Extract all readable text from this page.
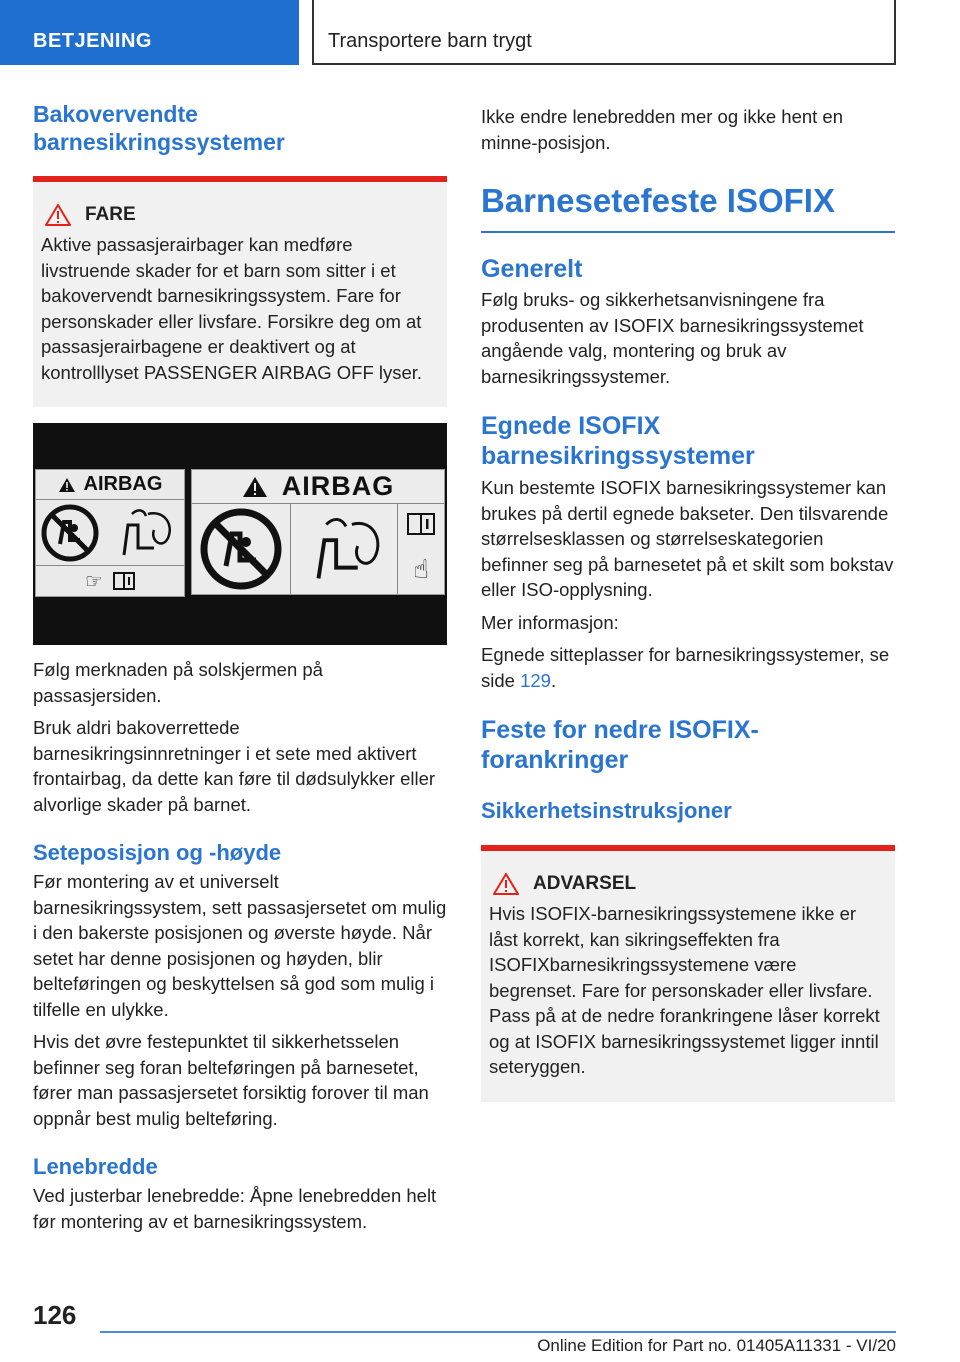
BETJENING	Transportere barn trygt
Bakovervendte barnesikringssystemer
FARE

Aktive passasjerairbager kan medføre livstruende skader for et barn som sitter i et bakovervendt barnesikringssystem. Fare for personskader eller livsfare. Forsikre deg om at passasjerairbagene er deaktivert og at kontrolllyset PASSENGER AIRBAG OFF lyser.

AIRBAG
☞
AIRBAG
☝

Følg merknaden på solskjermen på passasjersiden.

Bruk aldri bakoverrettede barnesikringsinnretninger i et sete med aktivert frontairbag, da dette kan føre til dødsulykker eller alvorlige skader på barnet.

Seteposisjon og -høyde

Før montering av et universelt barnesikringssystem, sett passasjersetet om mulig i den bakerste posisjonen og øverste høyde. Når setet har denne posisjonen og høyden, blir belteføringen og beskyttelsen så god som mulig i tilfelle en ulykke.

Hvis det øvre festepunktet til sikkerhetsselen befinner seg foran belteføringen på barnesetet, fører man passasjersetet forsiktig forover til man oppnår best mulig belteføring.

Lenebredde

Ved justerbar lenebredde: Åpne lenebredden helt før montering av et barnesikringssystem.

Ikke endre lenebredden mer og ikke hent en minne-posisjon.

Barnesetefeste ISOFIX
Generelt

Følg bruks- og sikkerhetsanvisningene fra produsenten av ISOFIX barnesikringssystemet angående valg, montering og bruk av barnesikringssystemer.

Egnede ISOFIX barnesikringssystemer

Kun bestemte ISOFIX barnesikringssystemer kan brukes på dertil egnede bakseter. Den tilsvarende størrelsesklassen og størrelseskategorien befinner seg på barnesetet på et skilt som bokstav eller ISO-opplysning.

Mer informasjon:

Egnede sitteplasser for barnesikringssystemer, se side 129.

Feste for nedre ISOFIX-forankringer
Sikkerhetsinstruksjoner
ADVARSEL

Hvis ISOFIX-barnesikringssystemene ikke er låst korrekt, kan sikringseffekten fra ISOFIXbarnesikringssystemene være begrenset. Fare for personskader eller livsfare. Pass på at de nedre forankringene låser korrekt og at ISOFIX barnesikringssystemet ligger inntil seteryggen.

126
Online Edition for Part no. 01405A11331 - VI/20
